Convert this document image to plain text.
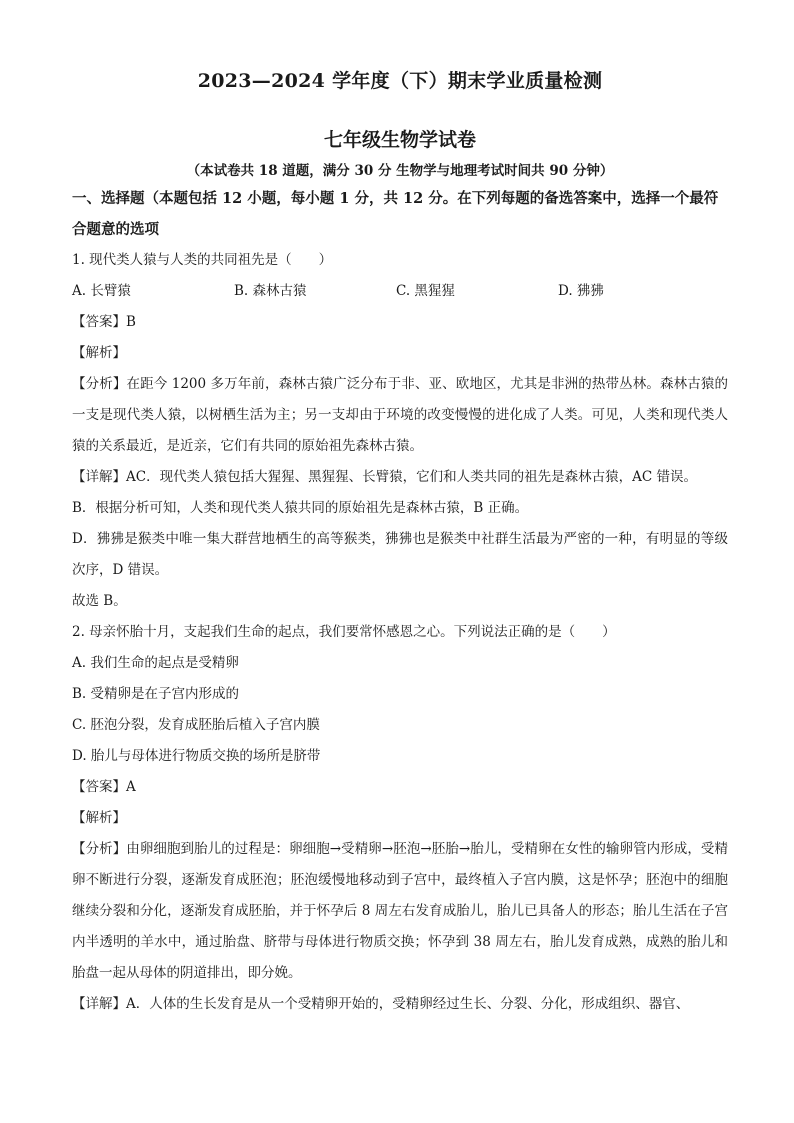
2023—2024 学年度（下）期末学业质量检测
七年级生物学试卷
（本试卷共 18 道题，满分 30 分 生物学与地理考试时间共 90 分钟）
一、选择题（本题包括 12 小题，每小题 1 分，共 12 分。在下列每题的备选答案中，选择一个最符合题意的选项
1. 现代类人猿与人类的共同祖先是（　　）
A. 长臂猿	B. 森林古猿	C. 黑猩猩	D. 狒狒
【答案】B
【解析】
【分析】在距今 1200 多万年前，森林古猿广泛分布于非、亚、欧地区，尤其是非洲的热带丛林。森林古猿的一支是现代类人猿，以树栖生活为主；另一支却由于环境的改变慢慢的进化成了人类。可见，人类和现代类人猿的关系最近，是近亲，它们有共同的原始祖先森林古猿。
【详解】AC．现代类人猿包括大猩猩、黑猩猩、长臂猿，它们和人类共同的祖先是森林古猿，AC 错误。
B．根据分析可知，人类和现代类人猿共同的原始祖先是森林古猿，B 正确。
D．狒狒是猴类中唯一集大群营地栖生的高等猴类，狒狒也是猴类中社群生活最为严密的一种，有明显的等级次序，D 错误。
故选 B。
2. 母亲怀胎十月，支起我们生命的起点，我们要常怀感恩之心。下列说法正确的是（　　）
A. 我们生命的起点是受精卵
B. 受精卵是在子宫内形成的
C. 胚泡分裂，发育成胚胎后植入子宫内膜
D. 胎儿与母体进行物质交换的场所是脐带
【答案】A
【解析】
【分析】由卵细胞到胎儿的过程是：卵细胞→受精卵→胚泡→胚胎→胎儿，受精卵在女性的输卵管内形成，受精卵不断进行分裂，逐渐发育成胚泡；胚泡缓慢地移动到子宫中，最终植入子宫内膜，这是怀孕；胚泡中的细胞继续分裂和分化，逐渐发育成胚胎，并于怀孕后 8 周左右发育成胎儿，胎儿已具备人的形态；胎儿生活在子宫内半透明的羊水中，通过胎盘、脐带与母体进行物质交换；怀孕到 38 周左右，胎儿发育成熟，成熟的胎儿和胎盘一起从母体的阴道排出，即分娩。
【详解】A．人体的生长发育是从一个受精卵开始的，受精卵经过生长、分裂、分化，形成组织、器官、
